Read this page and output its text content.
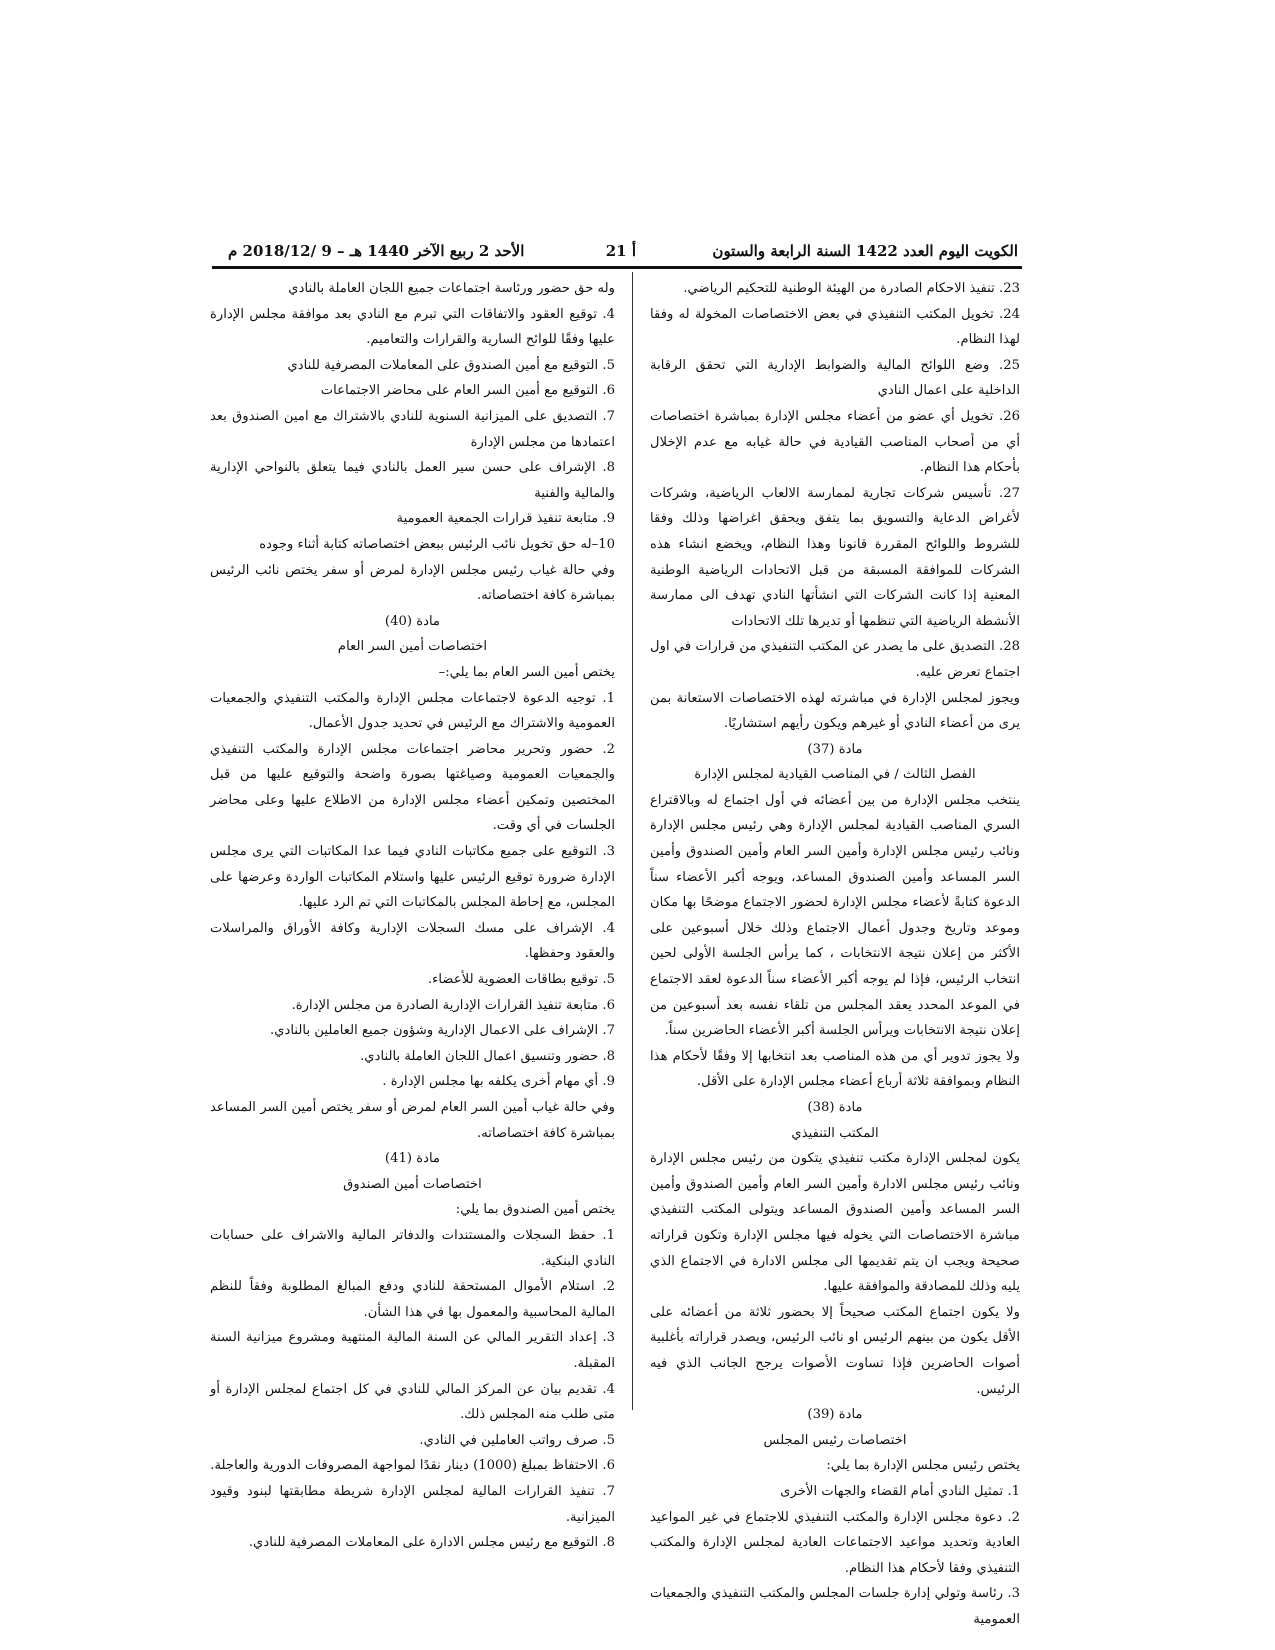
الكويت اليوم العدد 1422 السنة الرابعة والستون
أ 21
الأحد 2 ربيع الآخر 1440 هـ – 9 /2018/12 م

23. تنفيذ الاحكام الصادرة من الهيئة الوطنية للتحكيم الرياضي.

24. تخويل المكتب التنفيذي في بعض الاختصاصات المخولة له وفقا لهذا النظام.

25. وضع اللوائح المالية والضوابط الإدارية التي تحقق الرقابة الداخلية على اعمال النادي

26. تخويل أي عضو من أعضاء مجلس الإدارة بمباشرة اختصاصات أي من أصحاب المناصب القيادية في حالة غيابه مع عدم الإخلال بأحكام هذا النظام.

27. تأسيس شركات تجارية لممارسة الالعاب الرياضية، وشركات لأغراض الدعاية والتسويق بما يتفق ويحقق اغراضها وذلك وفقا للشروط واللوائح المقررة قانونا وهذا النظام، ويخضع انشاء هذه الشركات للموافقة المسبقة من قبل الاتحادات الرياضية الوطنية المعنية إذا كانت الشركات التي انشأتها النادي تهدف الى ممارسة الأنشطة الرياضية التي تنظمها أو تديرها تلك الاتحادات

28. التصديق على ما يصدر عن المكتب التنفيذي من قرارات في اول اجتماع تعرض عليه.

ويجوز لمجلس الإدارة في مباشرته لهذه الاختصاصات الاستعانة بمن يرى من أعضاء النادي أو غيرهم ويكون رأيهم استشاريًا.

مادة (37)

الفصل الثالث / في المناصب القيادية لمجلس الإدارة

ينتخب مجلس الإدارة من بين أعضائه في أول اجتماع له وبالاقتراع السري المناصب القيادية لمجلس الإدارة وهي رئيس مجلس الإدارة ونائب رئيس مجلس الإدارة وأمين السر العام وأمين الصندوق وأمين السر المساعد وأمين الصندوق المساعد، ويوجه أكبر الأعضاء سناً الدعوة كتابةً لأعضاء مجلس الإدارة لحضور الاجتماع موضحًا بها مكان وموعد وتاريخ وجدول أعمال الاجتماع وذلك خلال أسبوعين على الأكثر من إعلان نتيجة الانتخابات ، كما يرأس الجلسة الأولى لحين انتخاب الرئيس، فإذا لم يوجه أكبر الأعضاء سناً الدعوة لعقد الاجتماع في الموعد المحدد يعقد المجلس من تلقاء نفسه بعد أسبوعين من إعلان نتيجة الانتخابات ويرأس الجلسة أكبر الأعضاء الحاضرين سناً.

ولا يجوز تدوير أي من هذه المناصب بعد انتخابها إلا وفقًا لأحكام هذا النظام وبموافقة ثلاثة أرباع أعضاء مجلس الإدارة على الأقل.

مادة (38)

المكتب التنفيذي

يكون لمجلس الإدارة مكتب تنفيذي يتكون من رئيس مجلس الإدارة ونائب رئيس مجلس الادارة وأمين السر العام وأمين الصندوق وأمين السر المساعد وأمين الصندوق المساعد ويتولى المكتب التنفيذي مباشرة الاختصاصات التي يخوله فيها مجلس الإدارة وتكون قراراته صحيحة ويجب ان يتم تقديمها الى مجلس الادارة في الاجتماع الذي يليه وذلك للمصادقة والموافقة عليها.

ولا يكون اجتماع المكتب صحيحاً إلا بحضور ثلاثة من أعضائه على الأقل يكون من بينهم الرئيس او نائب الرئيس، ويصدر قراراته بأغلبية أصوات الحاضرين فإذا تساوت الأصوات يرجح الجانب الذي فيه الرئيس.

مادة (39)

اختصاصات رئيس المجلس

يختص رئيس مجلس الإدارة بما يلي:

1. تمثيل النادي أمام القضاء والجهات الأخرى

2. دعوة مجلس الإدارة والمكتب التنفيذي للاجتماع في غير المواعيد العادية وتحديد مواعيد الاجتماعات العادية لمجلس الإدارة والمكتب التنفيذي وفقا لأحكام هذا النظام.

3. رئاسة وتولي إدارة جلسات المجلس والمكتب التنفيذي والجمعيات العمومية

وله حق حضور ورئاسة اجتماعات جميع اللجان العاملة بالنادي

4. توقيع العقود والاتفاقات التي تبرم مع النادي بعد موافقة مجلس الإدارة عليها وفقًا للوائح السارية والقرارات والتعاميم.

5. التوقيع مع أمين الصندوق على المعاملات المصرفية للنادي

6. التوقيع مع أمين السر العام على محاضر الاجتماعات

7. التصديق على الميزانية السنوية للنادي بالاشتراك مع امين الصندوق بعد اعتمادها من مجلس الإدارة

8. الإشراف على حسن سير العمل بالنادي فيما يتعلق بالنواحي الإدارية والمالية والفنية

9. متابعة تنفيذ قرارات الجمعية العمومية

10–له حق تخويل نائب الرئيس ببعض اختصاصاته كتابة أثناء وجوده

وفي حالة غياب رئيس مجلس الإدارة لمرض أو سفر يختص نائب الرئيس بمباشرة كافة اختصاصاته.

مادة (40)

اختصاصات أمين السر العام

يختص أمين السر العام بما يلي:–

1. توجيه الدعوة لاجتماعات مجلس الإدارة والمكتب التنفيذي والجمعيات العمومية والاشتراك مع الرئيس في تحديد جدول الأعمال.

2. حضور وتحرير محاضر اجتماعات مجلس الإدارة والمكتب التنفيذي والجمعيات العمومية وصياغتها بصورة واضحة والتوقيع عليها من قبل المختصين وتمكين أعضاء مجلس الإدارة من الاطلاع عليها وعلى محاضر الجلسات في أي وقت.

3. التوقيع على جميع مكاتبات النادي فيما عدا المكاتبات التي يرى مجلس الإدارة ضرورة توقيع الرئيس عليها واستلام المكاتبات الواردة وعرضها على المجلس، مع إحاطة المجلس بالمكاتبات التي تم الرد عليها.

4. الإشراف على مسك السجلات الإدارية وكافة الأوراق والمراسلات والعقود وحفظها.

5. توقيع بطاقات العضوية للأعضاء.

6. متابعة تنفيذ القرارات الإدارية الصادرة من مجلس الإدارة.

7. الإشراف على الاعمال الإدارية وشؤون جميع العاملين بالنادي.

8. حضور وتنسيق اعمال اللجان العاملة بالنادي.

9. أي مهام أخرى يكلفه بها مجلس الإدارة .

وفي حالة غياب أمين السر العام لمرض أو سفر يختص أمين السر المساعد بمباشرة كافة اختصاصاته.

مادة (41)

اختصاصات أمين الصندوق

يختص أمين الصندوق بما يلي:

1. حفظ السجلات والمستندات والدفاتر المالية والاشراف على حسابات النادي البنكية.

2. استلام الأموال المستحقة للنادي ودفع المبالغ المطلوبة وفقاً للنظم المالية المحاسبية والمعمول بها في هذا الشأن.

3. إعداد التقرير المالي عن السنة المالية المنتهية ومشروع ميزانية السنة المقبلة.

4. تقديم بيان عن المركز المالي للنادي في كل اجتماع لمجلس الإدارة أو متى طلب منه المجلس ذلك.

5. صرف رواتب العاملين في النادي.

6. الاحتفاظ بمبلغ (1000) دينار نقدًا لمواجهة المصروفات الدورية والعاجلة.

7. تنفيذ القرارات المالية لمجلس الإدارة شريطة مطابقتها لبنود وقيود الميزانية.

8. التوقيع مع رئيس مجلس الادارة على المعاملات المصرفية للنادي.
